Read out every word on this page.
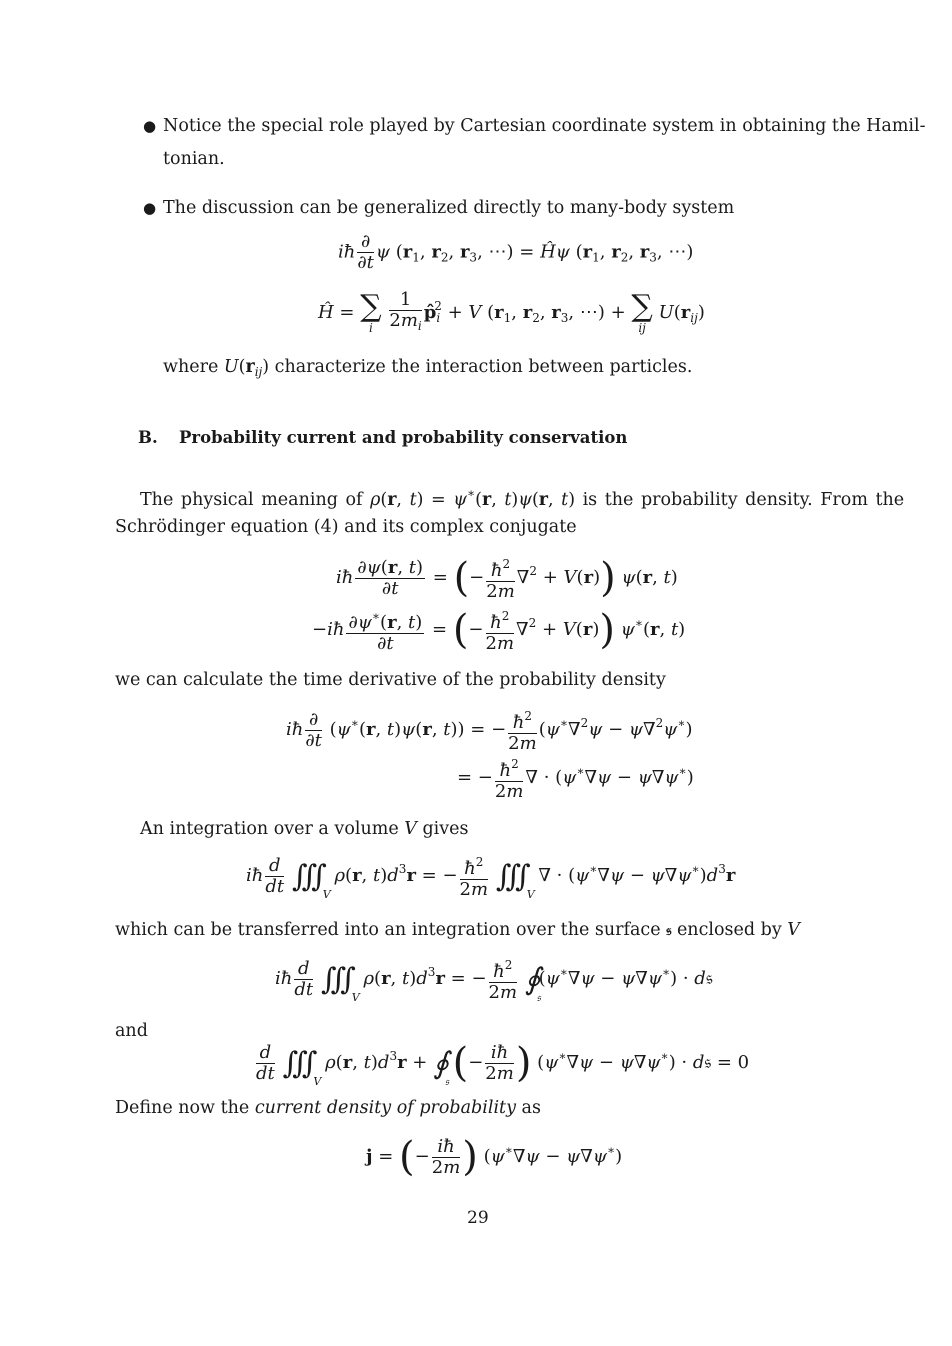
● Notice the special role played by Cartesian coordinate system in obtaining the Hamil-
tonian.
● The discussion can be generalized directly to many-body system
iħ $\frac{\partial}{\partial t}$ ψ ($r_1$, $r_2$, $r_3$, ⋯) = Ĥψ ($r_1$, $r_2$, $r_3$, ⋯)
Ĥ = ∑
i
$\frac{1}{2m_i}$ $p̂_i^2 + V$ ($r_1$, $r_2$, $r_3$, ⋯) + ∑
ij
$U(r_{ij})$
where $U(r_{ij})$ characterize the interaction between particles.
B. Probability current and probability conservation
The physical meaning of ρ(r, t) = ψ∗(r, t)ψ(r, t) is the probability density. From the
Schrödinger equation (4) and its complex conjugate
iħ $\frac{\partial\psi(r, t)}{\partial t}$ = (− $\frac{ħ^2}{2m} \nabla^2 + V(r)$) ψ(r, t)
−iħ $\frac{\partial\psi^∗(r, t)}{\partial t}$ = (− $\frac{ħ^2}{2m} \nabla^2 + V(r)$) ψ∗(r, t)
we can calculate the time derivative of the probability density
iħ $\frac{\partial}{\partial t} (\psi^∗(r$, t)ψ(r, t)) = − $\frac{ħ^2}{2m} (\psi^∗\nabla^2\psi - \psi\nabla^2\psi^∗)$
= − $\frac{ħ^2}{2m}$ ∇ · (ψ∗∇ψ − ψ∇ψ∗)
An integration over a volume V gives
iħ $\frac{d}{dt} \int\int\int_V$ ρ(r, $t)d^3r$ = − $\frac{ħ^2}{2m} \int\int\int_V$ ∇ · $(\psi^∗\nabla\psi - \psi\nabla\psi^∗)d^3r$
which can be transferred into an integration over the surface 𝔰 enclosed by V
iħ $\frac{d}{dt} \int\int\int_V$ ρ(r, $t)d^3r$ = − $\frac{ħ^2}{2m}$ $∮_𝔰(\psi^∗\nabla\psi - \psi\nabla\psi^∗)$ · d𝔰
and
$\frac{d}{dt} \int\int\int_V$ ρ(r, $t)d^3r$ + $∮_𝔰$ (− $\frac{iħ}{2m}$ ) (ψ∗∇ψ − ψ∇ψ∗) · d𝔰 = 0
Define now the current density of probability as
j = (− $\frac{iħ}{2m}$ ) (ψ∗∇ψ − ψ∇ψ∗)
29
